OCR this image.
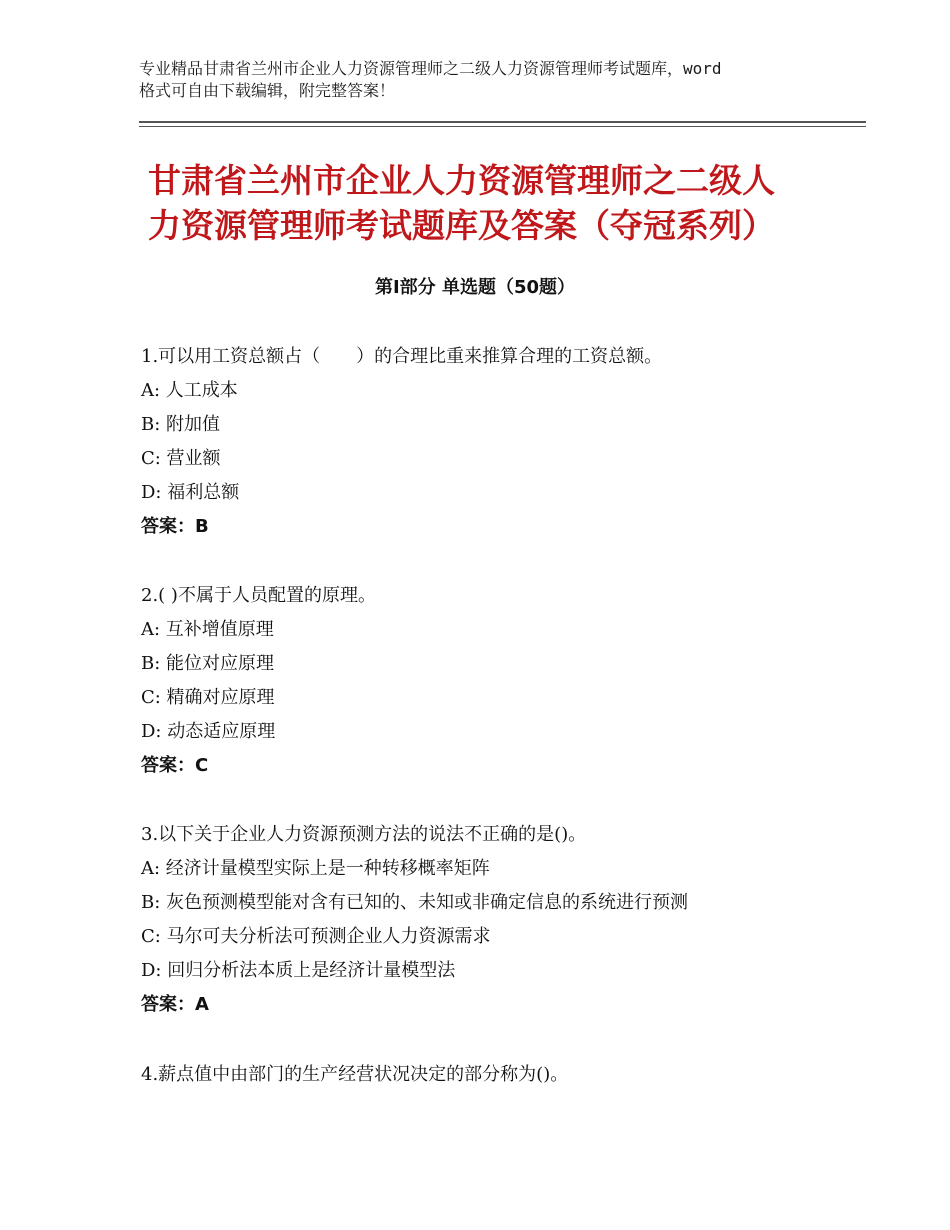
专业精品甘肃省兰州市企业人力资源管理师之二级人力资源管理师考试题库，word
格式可自由下载编辑，附完整答案！
甘肃省兰州市企业人力资源管理师之二级人
力资源管理师考试题库及答案（夺冠系列）
第Ⅰ部分 单选题（50题）

1.可以用工资总额占（　　）的合理比重来推算合理的工资总额。

A: 人工成本

B: 附加值

C: 营业额

D: 福利总额

答案：B

2.( )不属于人员配置的原理。

A: 互补增值原理

B: 能位对应原理

C: 精确对应原理

D: 动态适应原理

答案：C

3.以下关于企业人力资源预测方法的说法不正确的是()。

A: 经济计量模型实际上是一种转移概率矩阵

B: 灰色预测模型能对含有已知的、未知或非确定信息的系统进行预测

C: 马尔可夫分析法可预测企业人力资源需求

D: 回归分析法本质上是经济计量模型法

答案：A

4.薪点值中由部门的生产经营状况决定的部分称为()。
